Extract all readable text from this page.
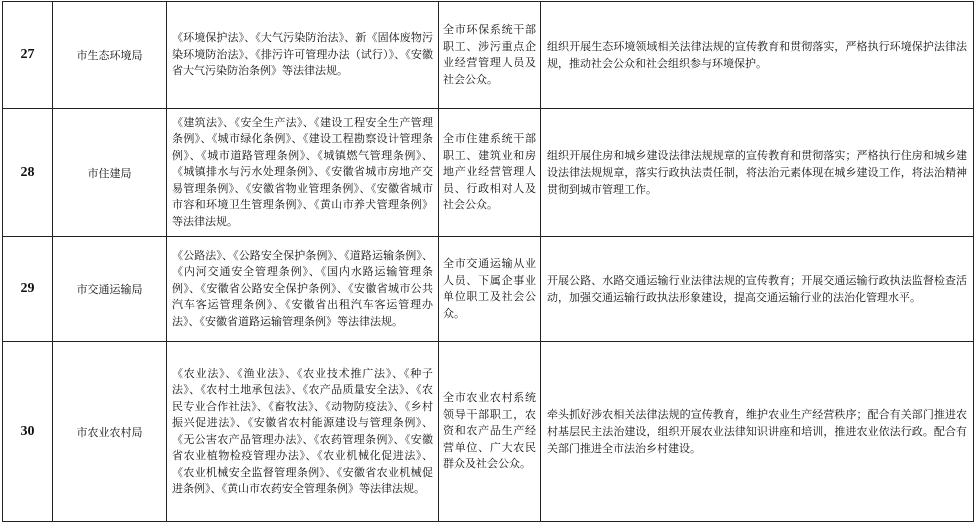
27	市生态环境局	《环境保护法》、《大气污染防治法》、新《固体废物污染环境防治法》、《排污许可管理办法（试行）》、《安徽省大气污染防治条例》等法律法规。	全市环保系统干部职工、涉污重点企业经营管理人员及社会公众。	组织开展生态环境领域相关法律法规的宣传教育和贯彻落实，严格执行环境保护法律法规，推动社会公众和社会组织参与环境保护。

28	市住建局	《建筑法》、《安全生产法》、《建设工程安全生产管理条例》、《城市绿化条例》、《建设工程勘察设计管理条例》、《城市道路管理条例》、《城镇燃气管理条例》、《城镇排水与污水处理条例》、《安徽省城市房地产交易管理条例》、《安徽省物业管理条例》、《安徽省城市市容和环境卫生管理条例》、《黄山市养犬管理条例》等法律法规。	全市住建系统干部职工、建筑业和房地产业经营管理人员、行政相对人及社会公众。	组织开展住房和城乡建设法律法规规章的宣传教育和贯彻落实；严格执行住房和城乡建设法律法规规章，落实行政执法责任制，将法治元素体现在城乡建设工作，将法治精神贯彻到城市管理工作。

29	市交通运输局	《公路法》、《公路安全保护条例》、《道路运输条例》、《内河交通安全管理条例》、《国内水路运输管理条例》、《安徽省公路安全保护条例》、《安徽省城市公共汽车客运管理条例》、《安徽省出租汽车客运管理办法》、《安徽省道路运输管理条例》等法律法规。	全市交通运输从业人员、下属企事业单位职工及社会公众。	开展公路、水路交通运输行业法律法规的宣传教育；开展交通运输行政执法监督检查活动，加强交通运输行政执法形象建设，提高交通运输行业的法治化管理水平。

30	市农业农村局	《农业法》、《渔业法》、《农业技术推广法》、《种子法》、《农村土地承包法》、《农产品质量安全法》、《农民专业合作社法》、《畜牧法》、《动物防疫法》、《乡村振兴促进法》、《安徽省农村能源建设与管理条例》、《无公害农产品管理办法》、《农药管理条例》、《安徽省农业植物检疫管理办法》、《农业机械化促进法》、《农业机械安全监督管理条例》、《安徽省农业机械促进条例》、《黄山市农药安全管理条例》等法律法规。	全市农业农村系统领导干部职工，农资和农产品生产经营单位、广大农民群众及社会公众。	牵头抓好涉农相关法律法规的宣传教育，维护农业生产经营秩序；配合有关部门推进农村基层民主法治建设，组织开展农业法律知识讲座和培训，推进农业依法行政。配合有关部门推进全市法治乡村建设。
